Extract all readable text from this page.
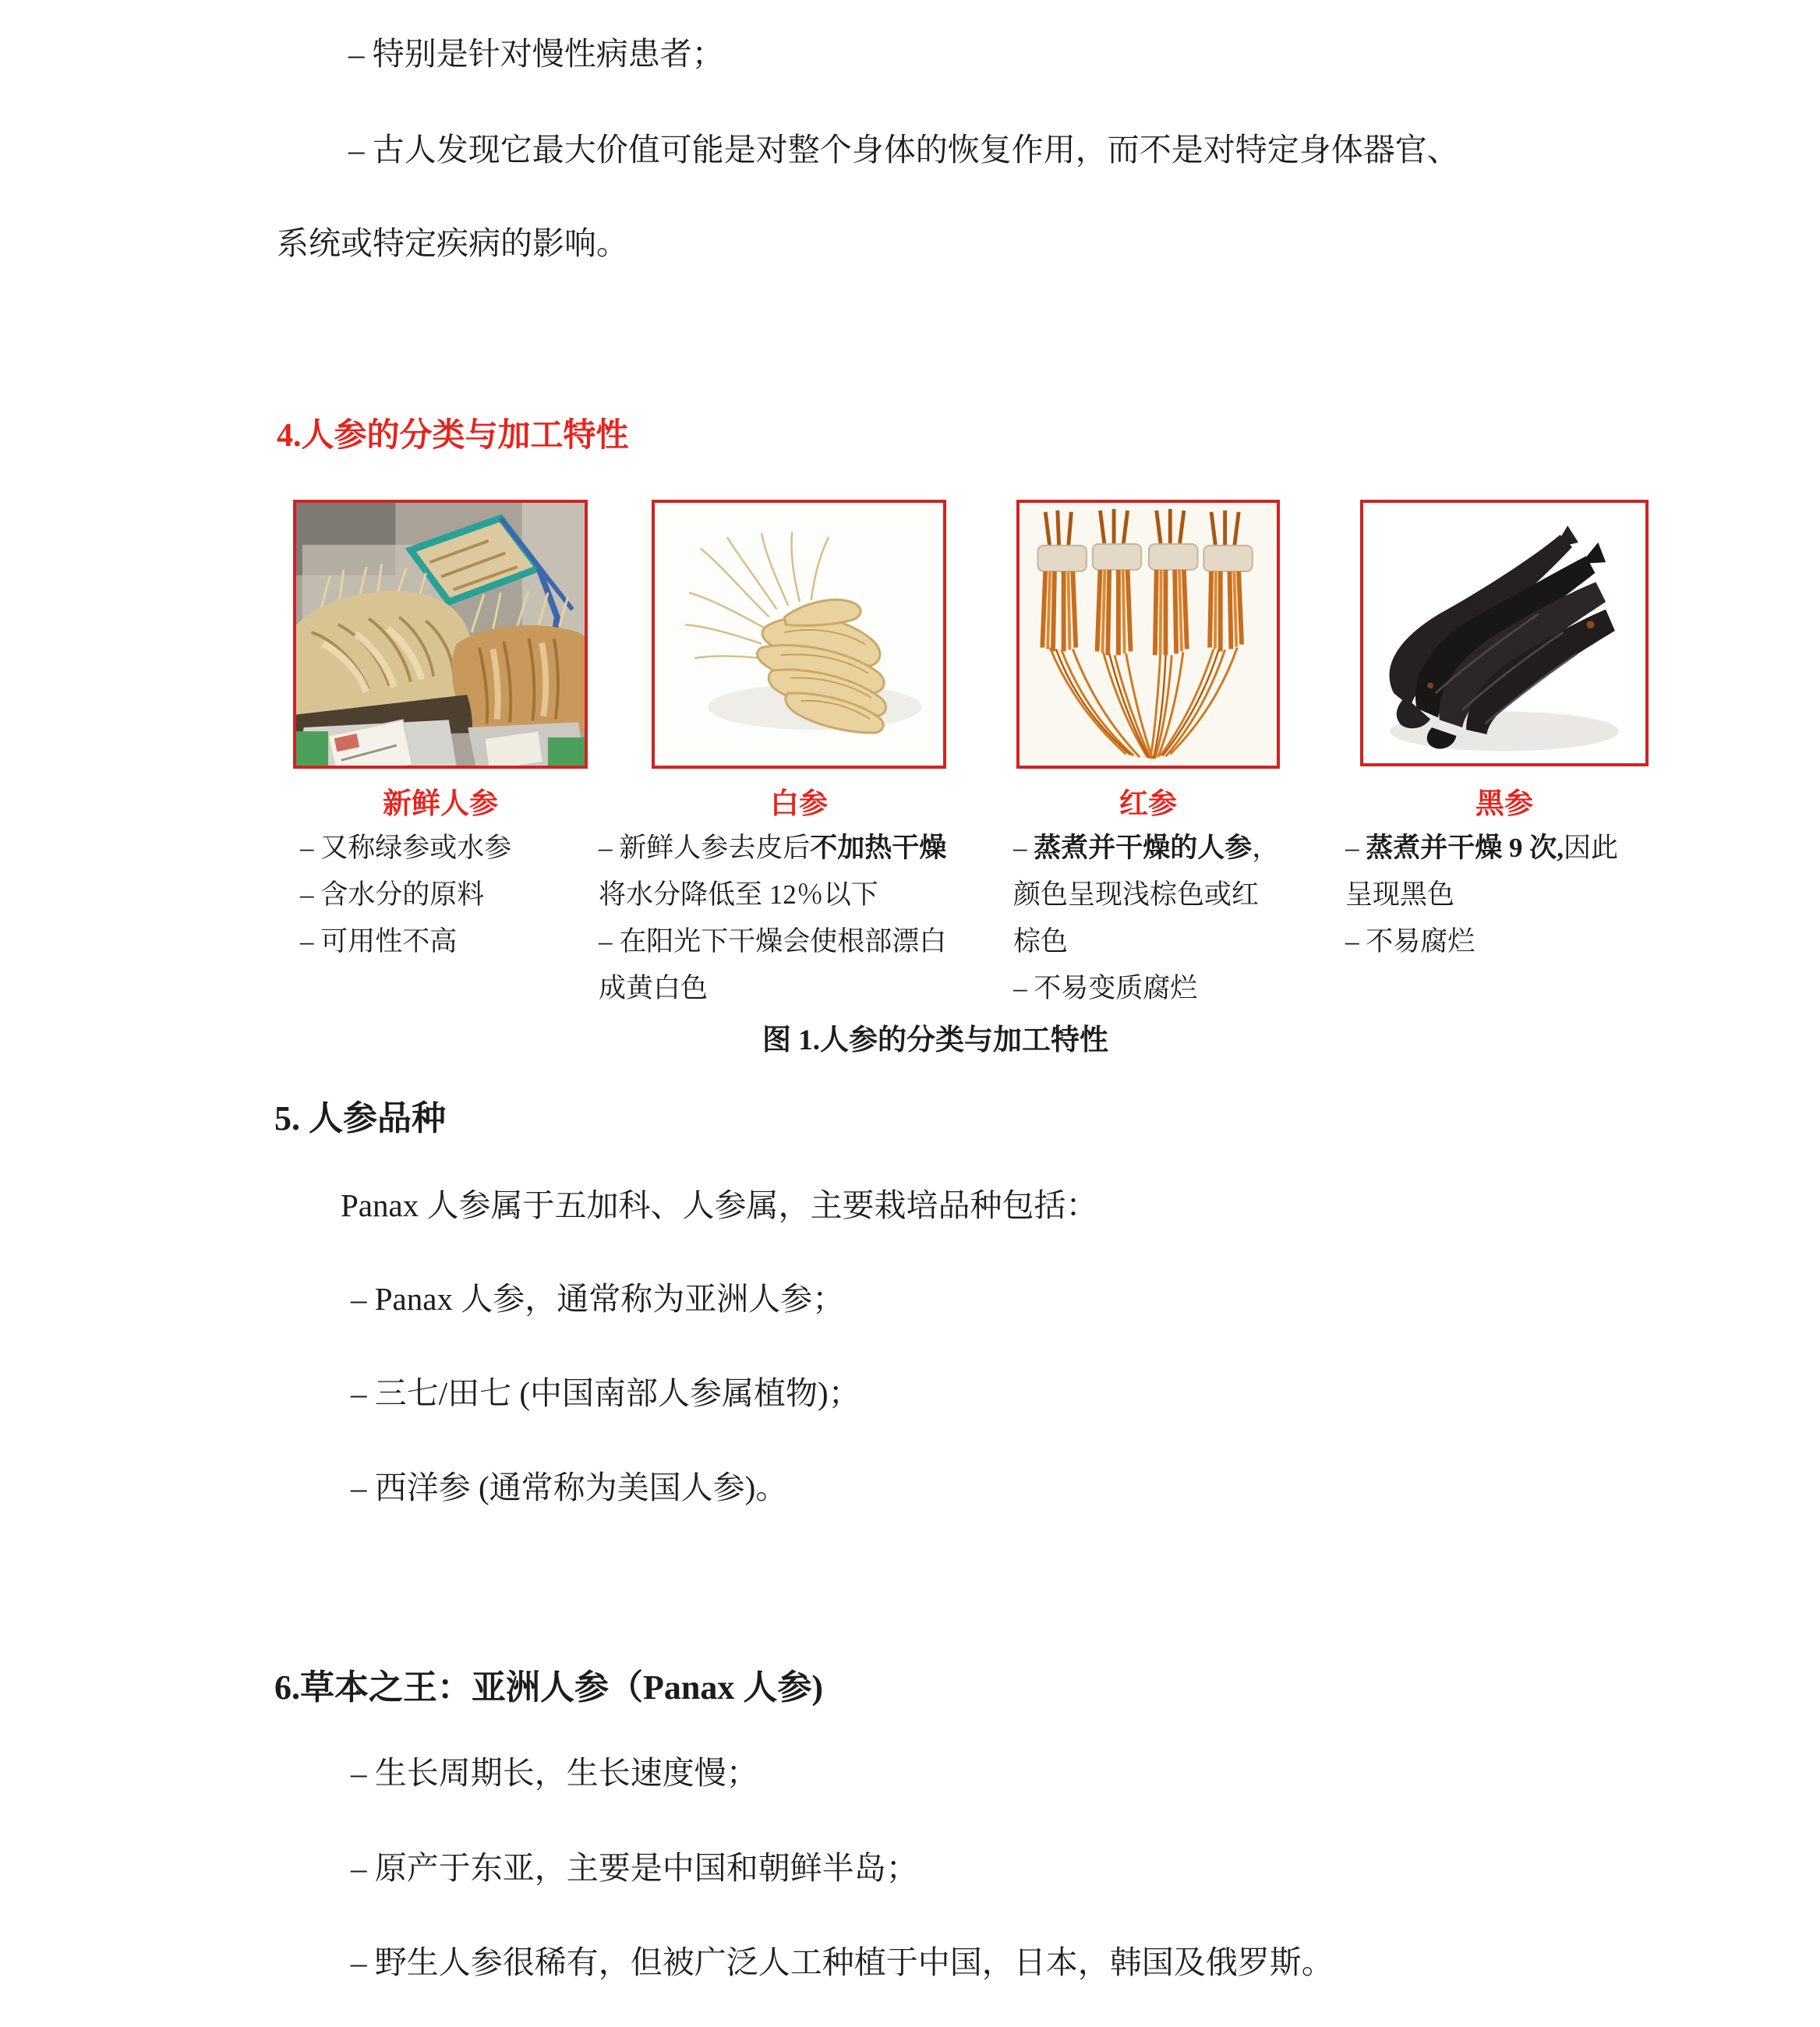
– 特别是针对慢性病患者；
– 古人发现它最大价值可能是对整个身体的恢复作用，而不是对特定身体器官、
系统或特定疾病的影响。
4.人参的分类与加工特性
新鲜人参	白参	红参	黑参
– 又称绿参或水参
– 含水分的原料
– 可用性不高
– 新鲜人参去皮后不加热干燥将水分降低至 12％以下
– 在阳光下干燥会使根部漂白成黄白色
– 蒸煮并干燥的人参，颜色呈现浅棕色或红棕色
– 不易变质腐烂
– 蒸煮并干燥 9 次,因此呈现黑色
– 不易腐烂
图 1.人参的分类与加工特性
5. 人参品种
Panax 人参属于五加科、人参属，主要栽培品种包括：
– Panax 人参，通常称为亚洲人参；
– 三七/田七 (中国南部人参属植物)；
– 西洋参 (通常称为美国人参)。
6.草本之王：亚洲人参（Panax 人参)
– 生长周期长，生长速度慢；
– 原产于东亚，主要是中国和朝鲜半岛；
– 野生人参很稀有，但被广泛人工种植于中国，日本，韩国及俄罗斯。
